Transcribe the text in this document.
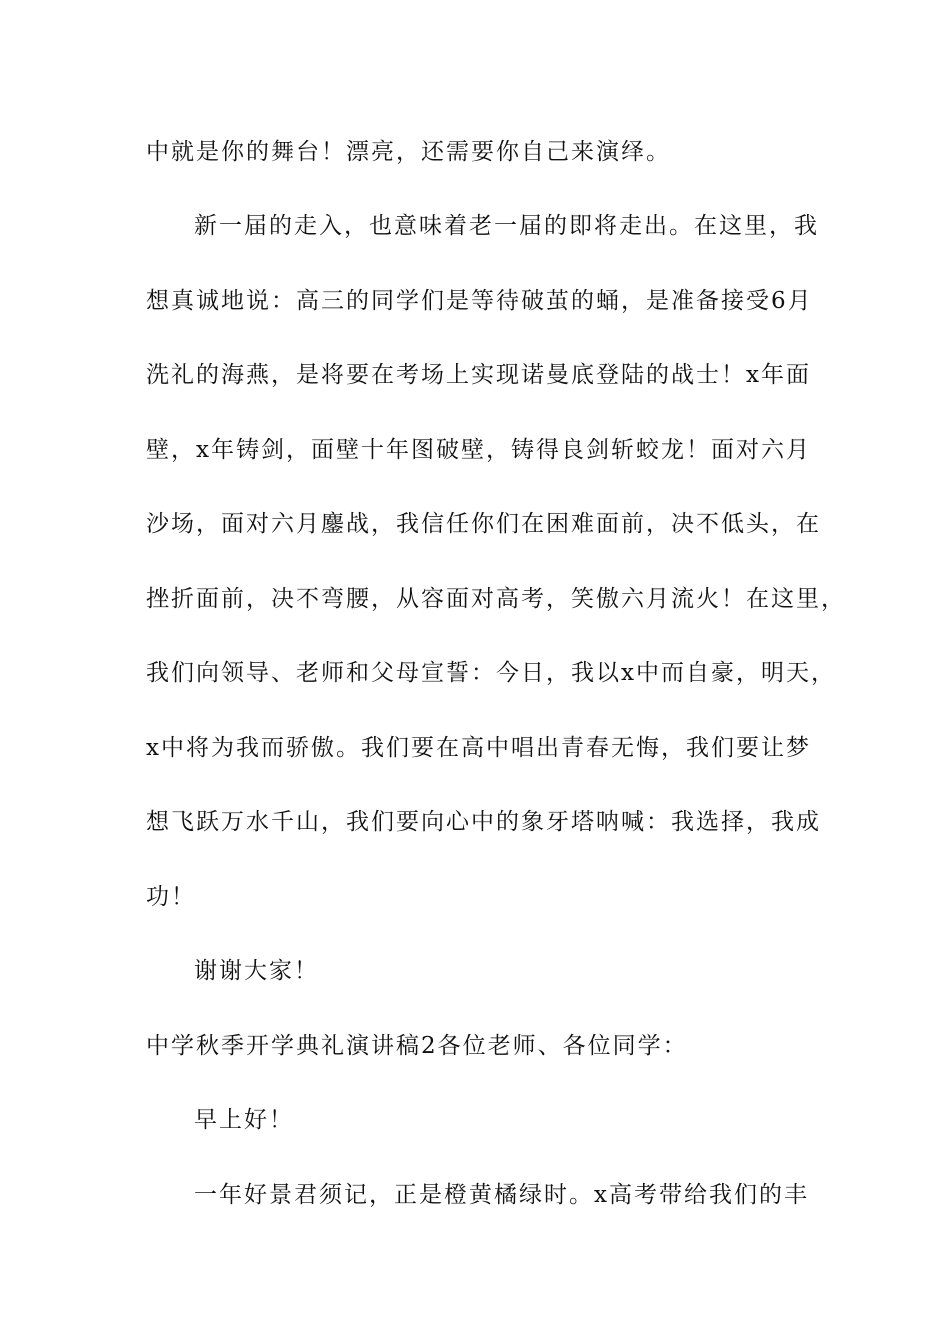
中就是你的舞台！漂亮，还需要你自己来演绎。
新一届的走入，也意味着老一届的即将走出。在这里，我
想真诚地说：高三的同学们是等待破茧的蛹，是准备接受6月
洗礼的海燕，是将要在考场上实现诺曼底登陆的战士！x年面
壁，x年铸剑，面壁十年图破壁，铸得良剑斩蛟龙！面对六月
沙场，面对六月鏖战，我信任你们在困难面前，决不低头，在
挫折面前，决不弯腰，从容面对高考，笑傲六月流火！在这里，
我们向领导、老师和父母宣誓：今日，我以x中而自豪，明天，
x中将为我而骄傲。我们要在高中唱出青春无悔，我们要让梦
想飞跃万水千山，我们要向心中的象牙塔呐喊：我选择，我成
功！
谢谢大家！
中学秋季开学典礼演讲稿2各位老师、各位同学：
早上好！
一年好景君须记，正是橙黄橘绿时。x高考带给我们的丰
